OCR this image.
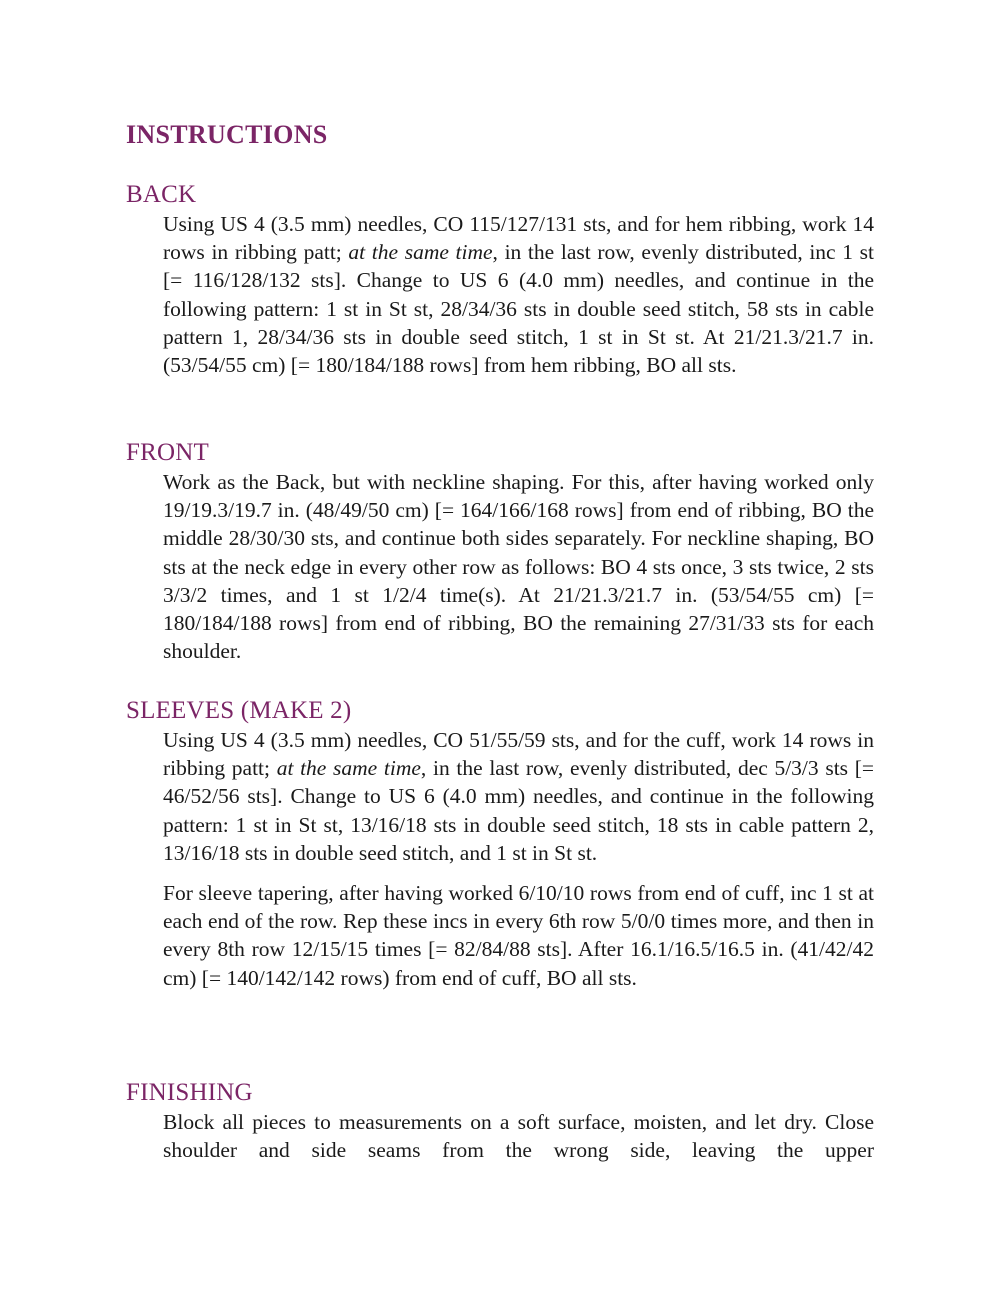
INSTRUCTIONS
BACK

Using US 4 (3.5 mm) needles, CO 115/127/131 sts, and for hem ribbing, work 14 rows in ribbing patt; at the same time, in the last row, evenly distributed, inc 1 st [= 116/128/132 sts]. Change to US 6 (4.0 mm) needles, and continue in the following pattern: 1 st in St st, 28/34/36 sts in double seed stitch, 58 sts in cable pattern 1, 28/34/36 sts in double seed stitch, 1 st in St st. At 21/21.3/21.7 in. (53/54/55 cm) [= 180/184/188 rows] from hem ribbing, BO all sts.

FRONT

Work as the Back, but with neckline shaping. For this, after having worked only 19/19.3/19.7 in. (48/49/50 cm) [= 164/166/168 rows] from end of ribbing, BO the middle 28/30/30 sts, and continue both sides separately. For neckline shaping, BO sts at the neck edge in every other row as follows: BO 4 sts once, 3 sts twice, 2 sts 3/3/2 times, and 1 st 1/2/4 time(s). At 21/21.3/21.7 in. (53/54/55 cm) [= 180/184/188 rows] from end of ribbing, BO the remaining 27/31/33 sts for each shoulder.

SLEEVES (MAKE 2)

Using US 4 (3.5 mm) needles, CO 51/55/59 sts, and for the cuff, work 14 rows in ribbing patt; at the same time, in the last row, evenly distributed, dec 5/3/3 sts [= 46/52/56 sts]. Change to US 6 (4.0 mm) needles, and continue in the following pattern: 1 st in St st, 13/16/18 sts in double seed stitch, 18 sts in cable pattern 2, 13/16/18 sts in double seed stitch, and 1 st in St st.

For sleeve tapering, after having worked 6/10/10 rows from end of cuff, inc 1 st at each end of the row. Rep these incs in every 6th row 5/0/0 times more, and then in every 8th row 12/15/15 times [= 82/84/88 sts]. After 16.1/16.5/16.5 in. (41/42/42 cm) [= 140/142/142 rows) from end of cuff, BO all sts.

FINISHING

Block all pieces to measurements on a soft surface, moisten, and let dry. Close shoulder and side seams from the wrong side, leaving the upper
